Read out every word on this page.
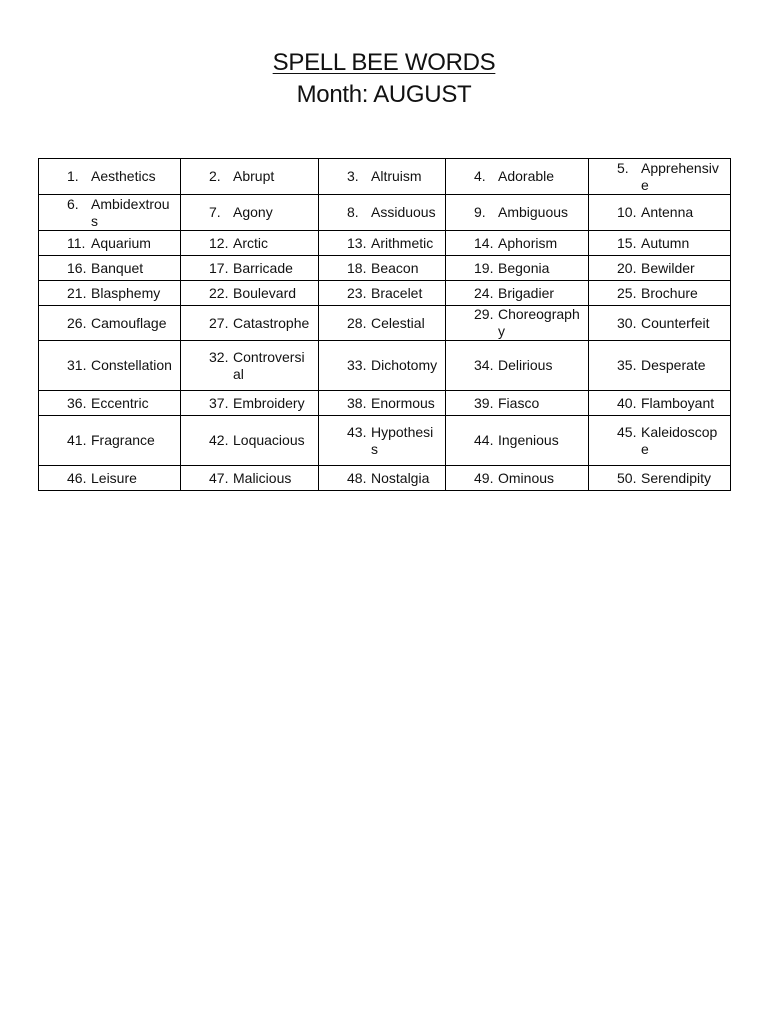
SPELL BEE WORDS
Month: AUGUST
1. Aesthetics	2. Abrupt	3. Altruism	4. Adorable	5. Apprehensive

6. Ambidextrous	7. Agony	8. Assiduous	9. Ambiguous	10. Antenna

11. Aquarium	12. Arctic	13. Arithmetic	14. Aphorism	15. Autumn

16. Banquet	17. Barricade	18. Beacon	19. Begonia	20. Bewilder

21. Blasphemy	22. Boulevard	23. Bracelet	24. Brigadier	25. Brochure

26. Camouflage	27. Catastrophe	28. Celestial	29. Choreography	30. Counterfeit

31. Constellation	32. Controversial	33. Dichotomy	34. Delirious	35. Desperate

36. Eccentric	37. Embroidery	38. Enormous	39. Fiasco	40. Flamboyant

41. Fragrance	42. Loquacious	43. Hypothesis	44. Ingenious	45. Kaleidoscope

46. Leisure	47. Malicious	48. Nostalgia	49. Ominous	50. Serendipity
